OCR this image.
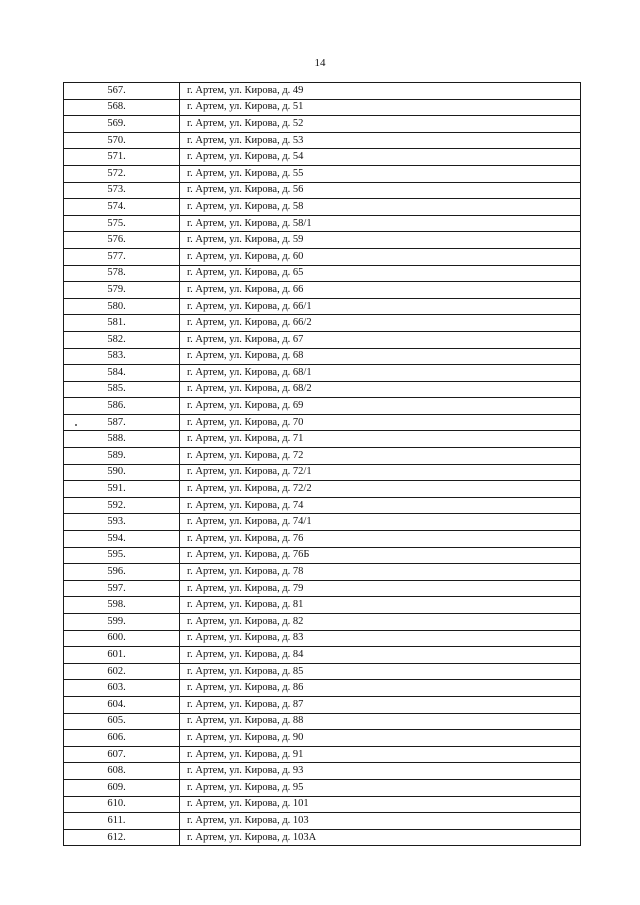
14
567.	г. Артем, ул. Кирова, д. 49
568.	г. Артем, ул. Кирова, д. 51
569.	г. Артем, ул. Кирова, д. 52
570.	г. Артем, ул. Кирова, д. 53
571.	г. Артем, ул. Кирова, д. 54
572.	г. Артем, ул. Кирова, д. 55
573.	г. Артем, ул. Кирова, д. 56
574.	г. Артем, ул. Кирова, д. 58
575.	г. Артем, ул. Кирова, д. 58/1
576.	г. Артем, ул. Кирова, д. 59
577.	г. Артем, ул. Кирова, д. 60
578.	г. Артем, ул. Кирова, д. 65
579.	г. Артем, ул. Кирова, д. 66
580.	г. Артем, ул. Кирова, д. 66/1
581.	г. Артем, ул. Кирова, д. 66/2
582.	г. Артем, ул. Кирова, д. 67
583.	г. Артем, ул. Кирова, д. 68
584.	г. Артем, ул. Кирова, д. 68/1
585.	г. Артем, ул. Кирова, д. 68/2
586.	г. Артем, ул. Кирова, д. 69
587.	г. Артем, ул. Кирова, д. 70
588.	г. Артем, ул. Кирова, д. 71
589.	г. Артем, ул. Кирова, д. 72
590.	г. Артем, ул. Кирова, д. 72/1
591.	г. Артем, ул. Кирова, д. 72/2
592.	г. Артем, ул. Кирова, д. 74
593.	г. Артем, ул. Кирова, д. 74/1
594.	г. Артем, ул. Кирова, д. 76
595.	г. Артем, ул. Кирова, д. 76Б
596.	г. Артем, ул. Кирова, д. 78
597.	г. Артем, ул. Кирова, д. 79
598.	г. Артем, ул. Кирова, д. 81
599.	г. Артем, ул. Кирова, д. 82
600.	г. Артем, ул. Кирова, д. 83
601.	г. Артем, ул. Кирова, д. 84
602.	г. Артем, ул. Кирова, д. 85
603.	г. Артем, ул. Кирова, д. 86
604.	г. Артем, ул. Кирова, д. 87
605.	г. Артем, ул. Кирова, д. 88
606.	г. Артем, ул. Кирова, д. 90
607.	г. Артем, ул. Кирова, д. 91
608.	г. Артем, ул. Кирова, д. 93
609.	г. Артем, ул. Кирова, д. 95
610.	г. Артем, ул. Кирова, д. 101
611.	г. Артем, ул. Кирова, д. 103
612.	г. Артем, ул. Кирова, д. 103А
